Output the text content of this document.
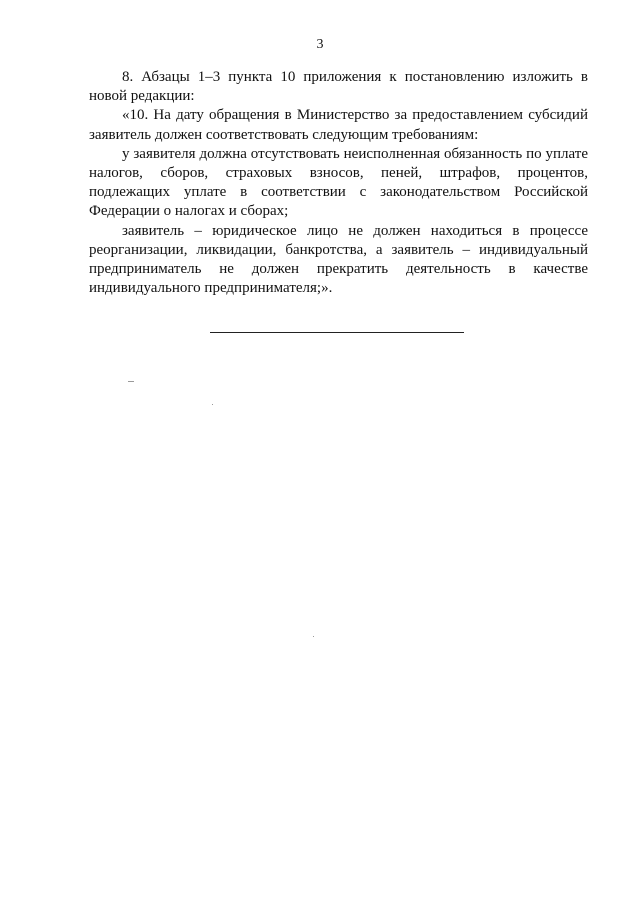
3

8. Абзацы 1–3 пункта 10 приложения к постановлению изложить в новой редакции:

«10. На дату обращения в Министерство за предоставлением субсидий заявитель должен соответствовать следующим требованиям:

у заявителя должна отсутствовать неисполненная обязанность по уплате налогов, сборов, страховых взносов, пеней, штрафов, процентов, подлежащих уплате в соответствии с законодательством Российской Федерации о налогах и сборах;

заявитель – юридическое лицо не должен находиться в процессе реорганизации, ликвидации, банкротства, а заявитель – индивидуальный предприниматель не должен прекратить деятельность в качестве индивидуального предпринимателя;».
